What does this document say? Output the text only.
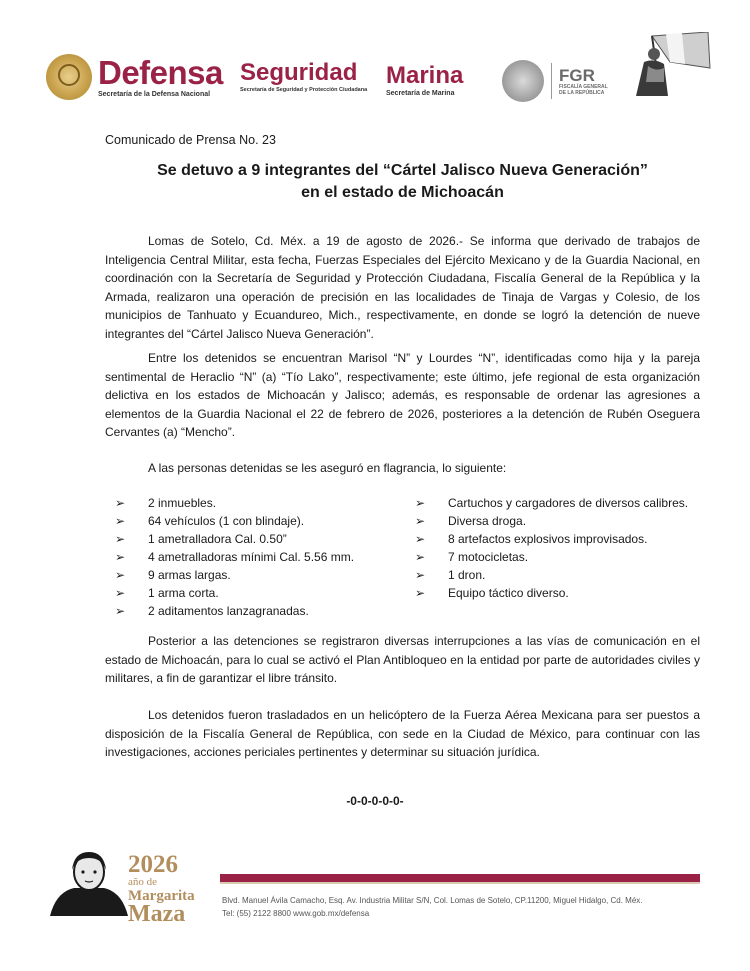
Defensa
Secretaría de la Defensa Nacional
Seguridad
Secretaría de Seguridad y Protección Ciudadana
Marina
Secretaría de Marina
FGR
FISCALÍA GENERAL
DE LA REPÚBLICA
Comunicado de Prensa No. 23
Se detuvo a 9 integrantes del “Cártel Jalisco Nueva Generación”
en el estado de Michoacán
Lomas de Sotelo, Cd. Méx. a 19 de agosto de 2026.- Se informa que derivado de trabajos de Inteligencia Central Militar, esta fecha, Fuerzas Especiales del Ejército Mexicano y de la Guardia Nacional, en coordinación con la Secretaría de Seguridad y Protección Ciudadana, Fiscalía General de la República y la Armada, realizaron una operación de precisión en las localidades de Tinaja de Vargas y Colesio, de los municipios de Tanhuato y Ecuandureo, Mich., respectivamente, en donde se logró la detención de nueve integrantes del “Cártel Jalisco Nueva Generación”.
Entre los detenidos se encuentran Marisol “N” y Lourdes “N”, identificadas como hija y la pareja sentimental de Heraclio “N” (a) “Tío Lako”, respectivamente; este último, jefe regional de esta organización delictiva en los estados de Michoacán y Jalisco; además, es responsable de ordenar las agresiones a elementos de la Guardia Nacional el 22 de febrero de 2026, posteriores a la detención de Rubén Oseguera Cervantes (a) “Mencho”.
A las personas detenidas se les aseguró en flagrancia, lo siguiente:
➢ 2 inmuebles.
➢ 64 vehículos (1 con blindaje).
➢ 1 ametralladora Cal. 0.50”
➢ 4 ametralladoras mínimi Cal. 5.56 mm.
➢ 9 armas largas.
➢ 1 arma corta.
➢ 2 aditamentos lanzagranadas.
➢ Cartuchos y cargadores de diversos calibres.
➢ Diversa droga.
➢ 8 artefactos explosivos improvisados.
➢ 7 motocicletas.
➢ 1 dron.
➢ Equipo táctico diverso.
Posterior a las detenciones se registraron diversas interrupciones a las vías de comunicación en el estado de Michoacán, para lo cual se activó el Plan Antibloqueo en la entidad por parte de autoridades civiles y militares, a fin de garantizar el libre tránsito.
Los detenidos fueron trasladados en un helicóptero de la Fuerza Aérea Mexicana para ser puestos a disposición de la Fiscalía General de República, con sede en la Ciudad de México, para continuar con las investigaciones, acciones periciales pertinentes y determinar su situación jurídica.
-0-0-0-0-0-
2026
año de
Margarita
Maza
Blvd. Manuel Ávila Camacho, Esq. Av. Industria Militar S/N, Col. Lomas de Sotelo, CP.11200, Miguel Hidalgo, Cd. Méx.
Tel: (55) 2122 8800 www.gob.mx/defensa
